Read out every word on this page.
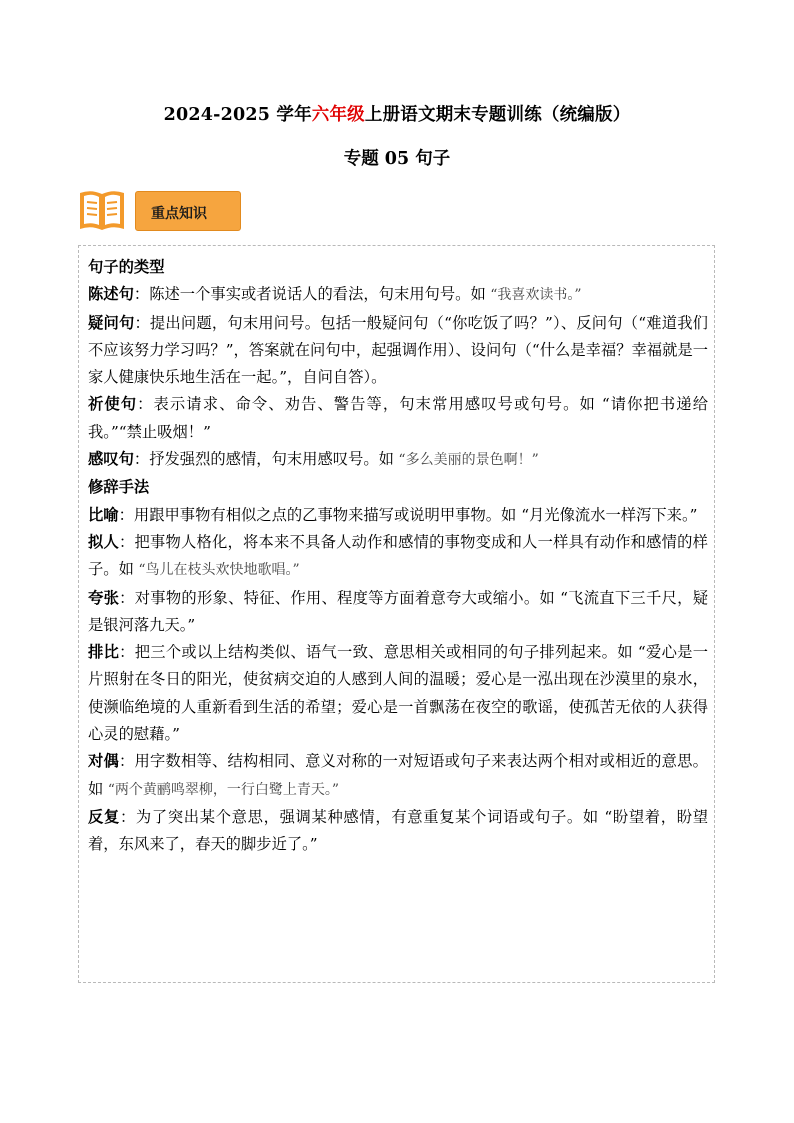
2024-2025 学年六年级上册语文期末专题训练（统编版）
专题 05 句子
重点知识

句子的类型

陈述句：陈述一个事实或者说话人的看法，句末用句号。如 “我喜欢读书。”

疑问句：提出问题，句末用问号。包括一般疑问句（“你吃饭了吗？”）、反问句（“难道我们不应该努力学习吗？”，答案就在问句中，起强调作用）、设问句（“什么是幸福？幸福就是一家人健康快乐地生活在一起。”，自问自答）。

祈使句：表示请求、命令、劝告、警告等，句末常用感叹号或句号。如 “请你把书递给我。”“禁止吸烟！”

感叹句：抒发强烈的感情，句末用感叹号。如 “多么美丽的景色啊！”

修辞手法

比喻：用跟甲事物有相似之点的乙事物来描写或说明甲事物。如 “月光像流水一样泻下来。”

拟人：把事物人格化，将本来不具备人动作和感情的事物变成和人一样具有动作和感情的样子。如 “鸟儿在枝头欢快地歌唱。”

夸张：对事物的形象、特征、作用、程度等方面着意夸大或缩小。如 “飞流直下三千尺，疑是银河落九天。”

排比：把三个或以上结构类似、语气一致、意思相关或相同的句子排列起来。如 “爱心是一片照射在冬日的阳光，使贫病交迫的人感到人间的温暖；爱心是一泓出现在沙漠里的泉水，使濒临绝境的人重新看到生活的希望；爱心是一首飘荡在夜空的歌谣，使孤苦无依的人获得心灵的慰藉。”

对偶：用字数相等、结构相同、意义对称的一对短语或句子来表达两个相对或相近的意思。如 “两个黄鹂鸣翠柳，一行白鹭上青天。”

反复：为了突出某个意思，强调某种感情，有意重复某个词语或句子。如 “盼望着，盼望着，东风来了，春天的脚步近了。”
